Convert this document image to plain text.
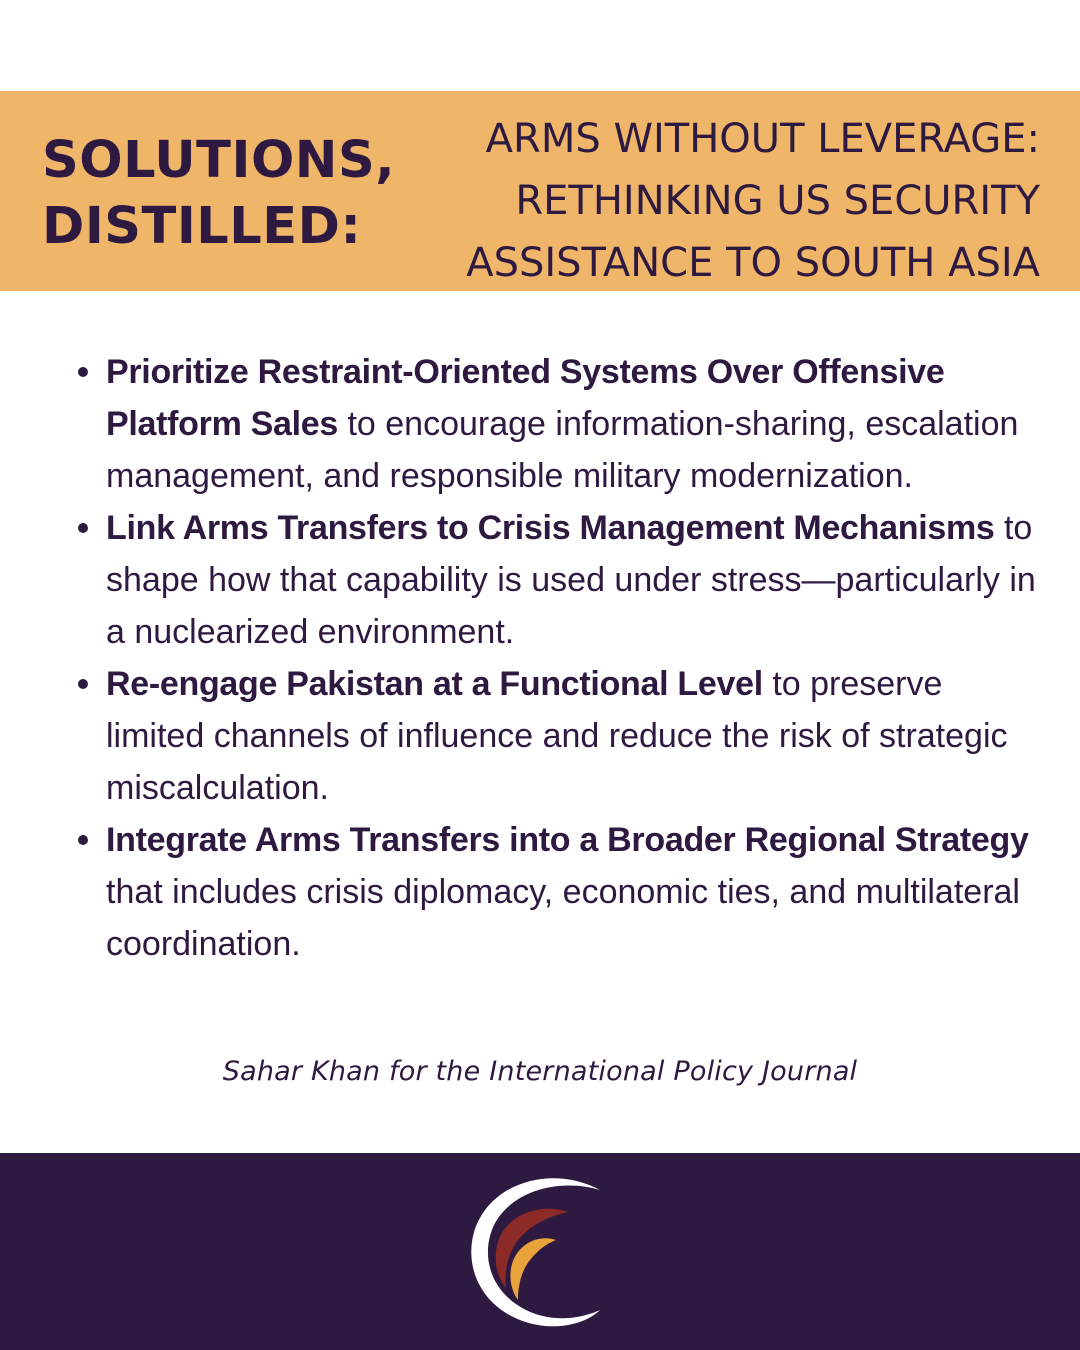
SOLUTIONS,
DISTILLED:
ARMS WITHOUT LEVERAGE:
RETHINKING US SECURITY
ASSISTANCE TO SOUTH ASIA
Prioritize Restraint-Oriented Systems Over Offensive Platform Sales to encourage information-sharing, escalation management, and responsible military modernization.
Link Arms Transfers to Crisis Management Mechanisms to shape how that capability is used under stress—particularly in a nuclearized environment.
Re-engage Pakistan at a Functional Level to preserve limited channels of influence and reduce the risk of strategic miscalculation.
Integrate Arms Transfers into a Broader Regional Strategy that includes crisis diplomacy, economic ties, and multilateral coordination.
Sahar Khan for the International Policy Journal
